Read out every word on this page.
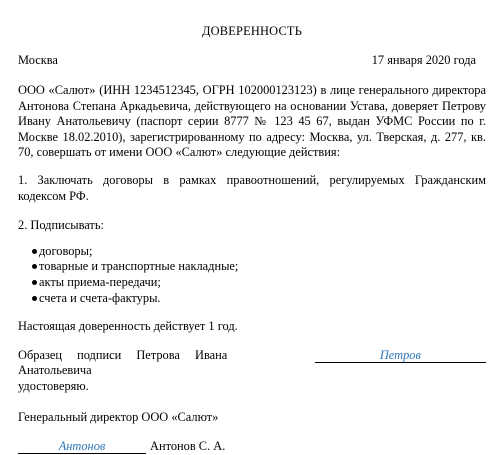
ДОВЕРЕННОСТЬ

Москва	17 января 2020 года

ООО «Салют» (ИНН 1234512345, ОГРН 102000123123) в лице генерального директора Антонова Степана Аркадьевича, действующего на основании Устава, доверяет Петрову Ивану Анатольевичу (паспорт серии 8777 № 123 45 67, выдан УФМС России по г. Москве 18.02.2010), зарегистрированному по адресу: Москва, ул. Тверская, д. 277, кв. 70, совершать от имени ООО «Салют» следующие действия:

1. Заключать договоры в рамках правоотношений, регулируемых Гражданским кодексом РФ.

2. Подписывать:

договоры;
товарные и транспортные накладные;
акты приема-передачи;
счета и счета-фактуры.

Настоящая доверенность действует 1 год.

Образец подписи Петрова Ивана Анатольевича
Петров
удостоверяю.

Генеральный директор ООО «Салют»

Антонов	Антонов С. А.
